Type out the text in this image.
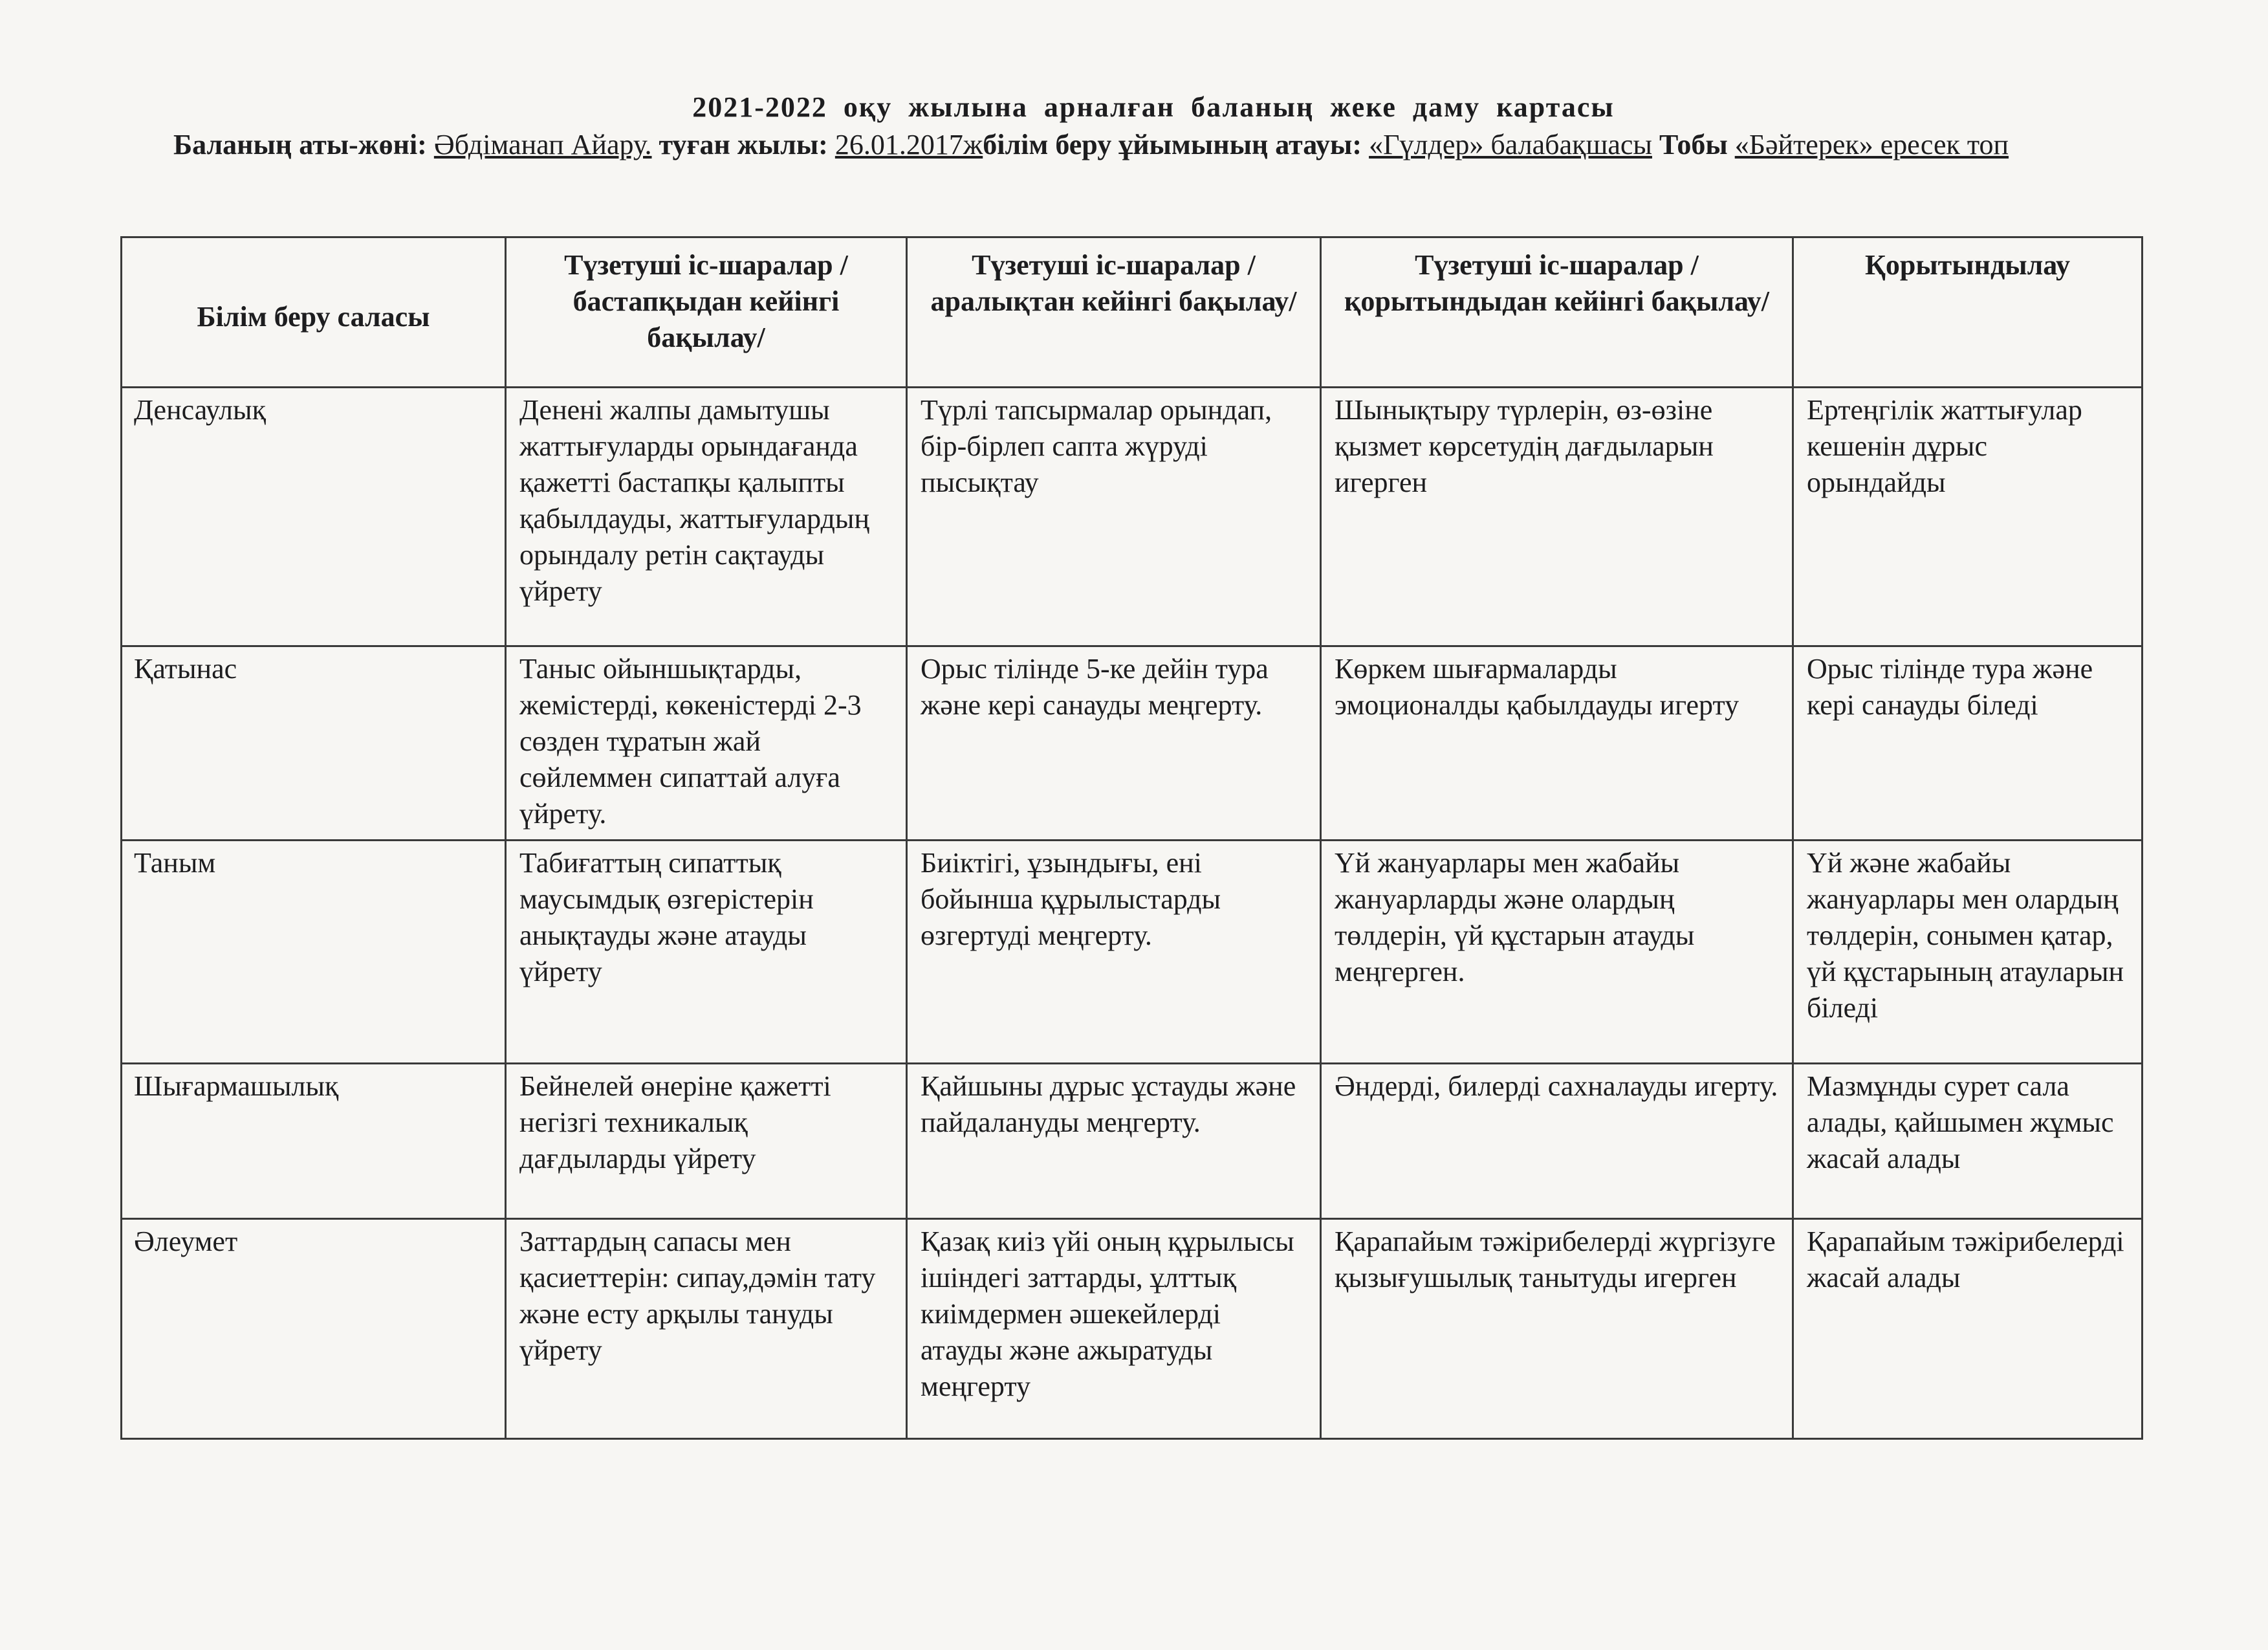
2021-2022 оқу жылына арналған баланың жеке даму картасы
Баланың аты-жөні: Әбдіманап Айару. туған жылы: 26.01.2017жбілім беру ұйымының атауы: «Гүлдер» балабақшасы Тобы «Бәйтерек» ересек топ
Білім беру саласы	Түзетуші іс-шаралар /бастапқыдан кейінгі бақылау/	Түзетуші іс-шаралар / аралықтан кейінгі бақылау/	Түзетуші іс-шаралар / қорытындыдан кейінгі бақылау/	Қорытындылау
Денсаулық	Денені жалпы дамытушы жаттығуларды орындағанда қажетті бастапқы қалыпты қабылдауды, жаттығулардың орындалу ретін сақтауды үйрету	Түрлі тапсырмалар орындап, бір-бірлеп сапта жүруді пысықтау	Шынықтыру түрлерін, өз-өзіне қызмет көрсетудің дағдыларын игерген	Ертеңгілік жаттығулар кешенін дұрыс орындайды
Қатынас	Таныс ойыншықтарды, жемістерді, көкеністерді 2-3 сөзден тұратын жай сөйлеммен сипаттай алуға үйрету.	Орыс тілінде 5-ке дейін тура және кері санауды меңгерту.	Көркем шығармаларды эмоционалды қабылдауды игерту	Орыс тілінде тура және кері санауды біледі
Таным	Табиғаттың сипаттық маусымдық өзгерістерін анықтауды және атауды үйрету	Биіктігі, ұзындығы, ені бойынша құрылыстарды өзгертуді меңгерту.	Үй жануарлары мен жабайы жануарларды және олардың төлдерін, үй құстарын атауды меңгерген.	Үй және жабайы жануарлары мен олардың төлдерін, сонымен қатар, үй құстарының атауларын біледі
Шығармашылық	Бейнелей өнеріне қажетті негізгі техникалық дағдыларды үйрету	Қайшыны дұрыс ұстауды және пайдалануды меңгерту.	Әндерді, билерді сахналауды игерту.	Мазмұнды сурет сала алады, қайшымен жұмыс жасай алады
Әлеумет	Заттардың сапасы мен қасиеттерін: сипау,дәмін тату және есту арқылы тануды үйрету	Қазақ киіз үйі оның құрылысы ішіндегі заттарды, ұлттық киімдермен әшекейлерді атауды және ажыратуды меңгерту	Қарапайым тәжірибелерді жүргізуге қызығушылық танытуды игерген	Қарапайым тәжірибелерді жасай алады
